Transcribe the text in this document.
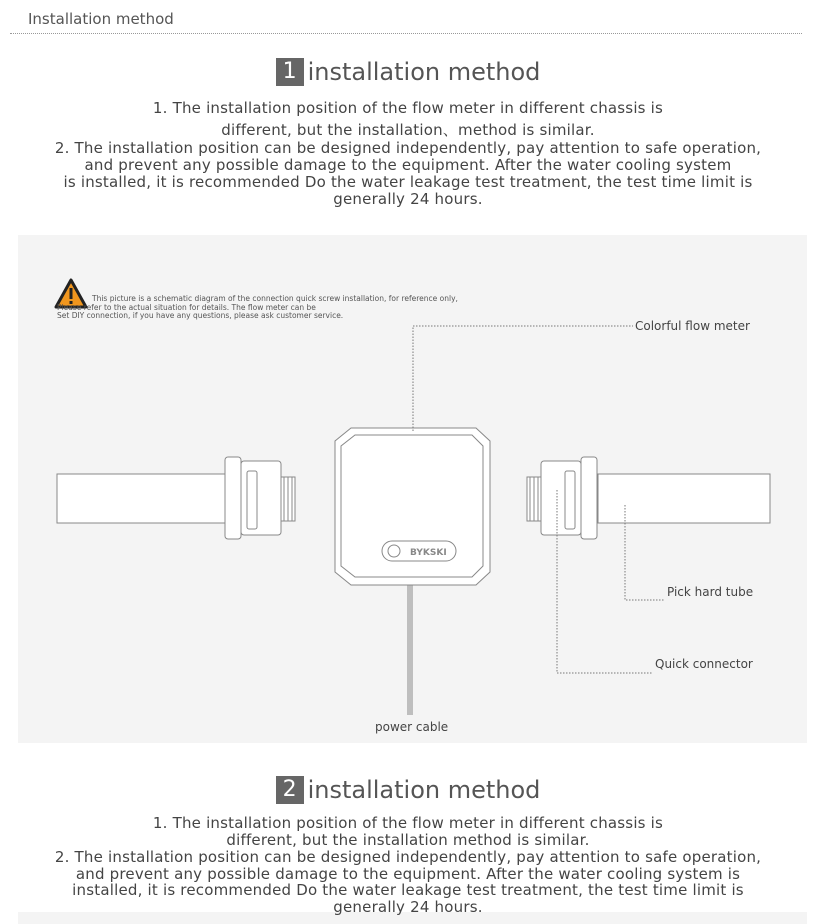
Installation method
1 installation method
1. The installation position of the flow meter in different chassis is
different, but the installation、method is similar.
2. The installation position can be designed independently, pay attention to safe operation,
and prevent any possible damage to the equipment. After the water cooling system
is installed, it is recommended Do the water leakage test treatment, the test time limit is
generally 24 hours.
BYKSKI
This picture is a schematic diagram of the connection quick screw installation, for reference only,
Please refer to the actual situation for details. The flow meter can be
Set DIY connection, if you have any questions, please ask customer service.
Colorful flow meter
Pick hard tube
Quick connector
power cable
2 installation method
1. The installation position of the flow meter in different chassis is
different, but the installation method is similar.
2. The installation position can be designed independently, pay attention to safe operation,
and prevent any possible damage to the equipment. After the water cooling system is
installed, it is recommended Do the water leakage test treatment, the test time limit is
generally 24 hours.
